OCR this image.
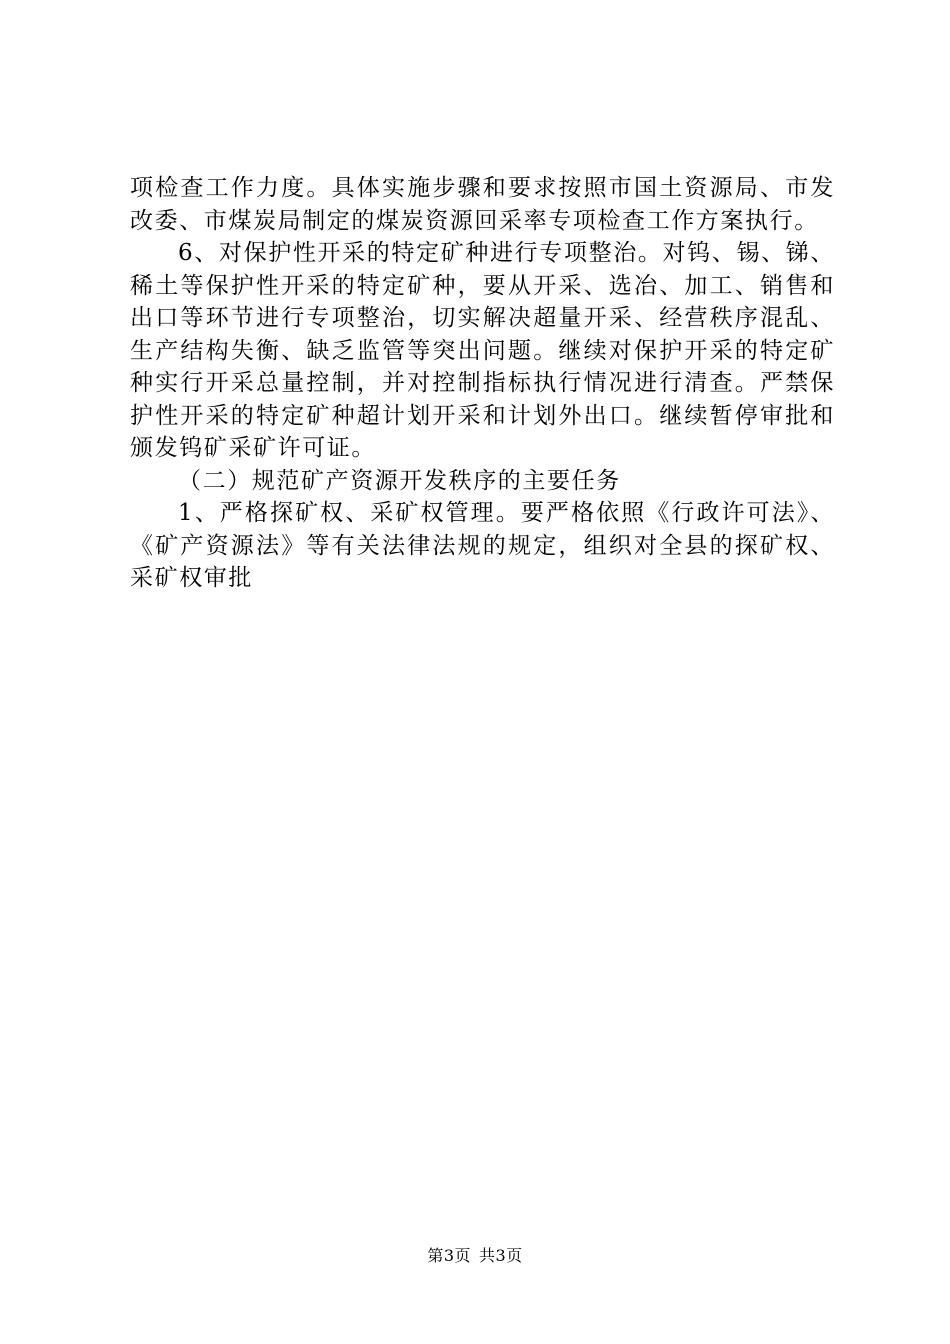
项检查工作力度。具体实施步骤和要求按照市国土资源局、市发改委、市煤炭局制定的煤炭资源回采率专项检查工作方案执行。

6、对保护性开采的特定矿种进行专项整治。对钨、锡、锑、稀土等保护性开采的特定矿种，要从开采、选冶、加工、销售和出口等环节进行专项整治，切实解决超量开采、经营秩序混乱、生产结构失衡、缺乏监管等突出问题。继续对保护开采的特定矿种实行开采总量控制，并对控制指标执行情况进行清查。严禁保护性开采的特定矿种超计划开采和计划外出口。继续暂停审批和颁发钨矿采矿许可证。

（二）规范矿产资源开发秩序的主要任务

1、严格探矿权、采矿权管理。要严格依照《行政许可法》、《矿产资源法》等有关法律法规的规定，组织对全县的探矿权、采矿权审批

第3页 共3页
